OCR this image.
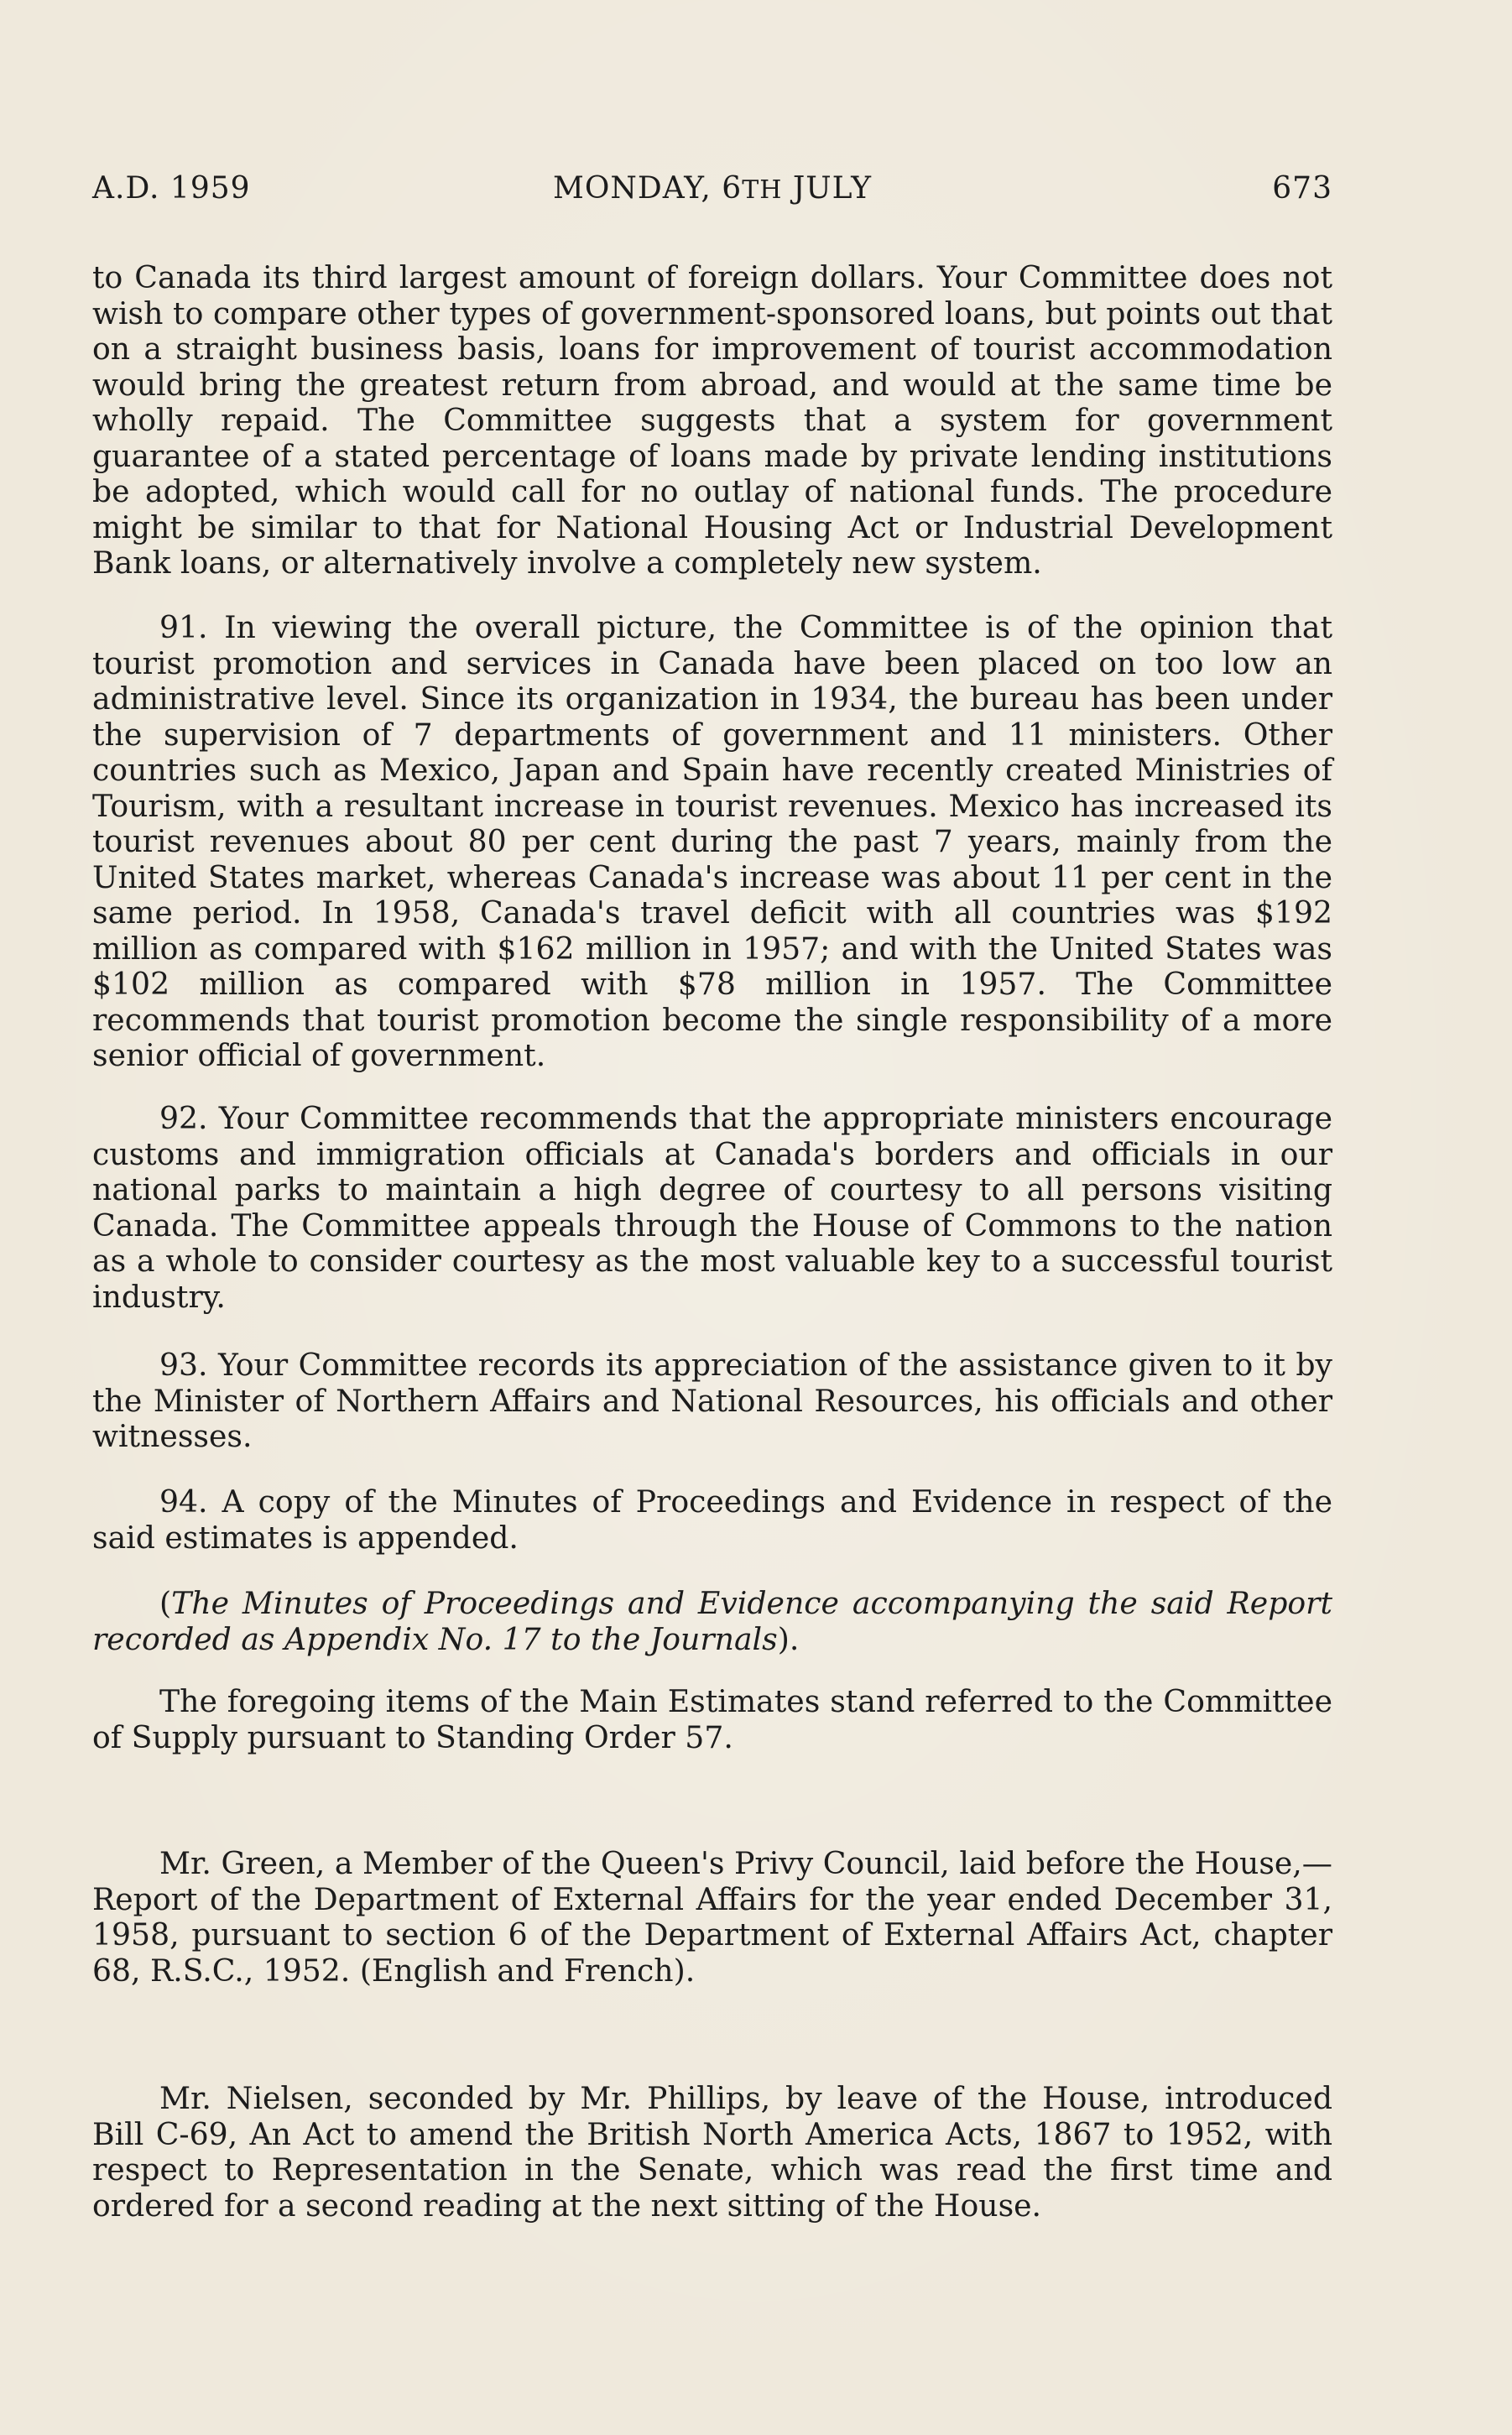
A.D. 1959	MONDAY, 6TH JULY	673

to Canada its third largest amount of foreign dollars. Your Committee does not wish to compare other types of government-sponsored loans, but points out that on a straight business basis, loans for improvement of tourist accommodation would bring the greatest return from abroad, and would at the same time be wholly repaid. The Committee suggests that a system for government guarantee of a stated percentage of loans made by private lending institutions be adopted, which would call for no outlay of national funds. The procedure might be similar to that for National Housing Act or Industrial Development Bank loans, or alternatively involve a completely new system.

91. In viewing the overall picture, the Committee is of the opinion that tourist promotion and services in Canada have been placed on too low an administrative level. Since its organization in 1934, the bureau has been under the supervision of 7 departments of government and 11 ministers. Other countries such as Mexico, Japan and Spain have recently created Ministries of Tourism, with a resultant increase in tourist revenues. Mexico has increased its tourist revenues about 80 per cent during the past 7 years, mainly from the United States market, whereas Canada's increase was about 11 per cent in the same period. In 1958, Canada's travel deficit with all countries was $192 million as compared with $162 million in 1957; and with the United States was $102 million as compared with $78 million in 1957. The Committee recommends that tourist promotion become the single responsibility of a more senior official of government.

92. Your Committee recommends that the appropriate ministers encourage customs and immigration officials at Canada's borders and officials in our national parks to maintain a high degree of courtesy to all persons visiting Canada. The Committee appeals through the House of Commons to the nation as a whole to consider courtesy as the most valuable key to a successful tourist industry.

93. Your Committee records its appreciation of the assistance given to it by the Minister of Northern Affairs and National Resources, his officials and other witnesses.

94. A copy of the Minutes of Proceedings and Evidence in respect of the said estimates is appended.

(The Minutes of Proceedings and Evidence accompanying the said Report recorded as Appendix No. 17 to the Journals).

The foregoing items of the Main Estimates stand referred to the Committee of Supply pursuant to Standing Order 57.

Mr. Green, a Member of the Queen's Privy Council, laid before the House,—Report of the Department of External Affairs for the year ended December 31, 1958, pursuant to section 6 of the Department of External Affairs Act, chapter 68, R.S.C., 1952. (English and French).

Mr. Nielsen, seconded by Mr. Phillips, by leave of the House, introduced Bill C-69, An Act to amend the British North America Acts, 1867 to 1952, with respect to Representation in the Senate, which was read the first time and ordered for a second reading at the next sitting of the House.
